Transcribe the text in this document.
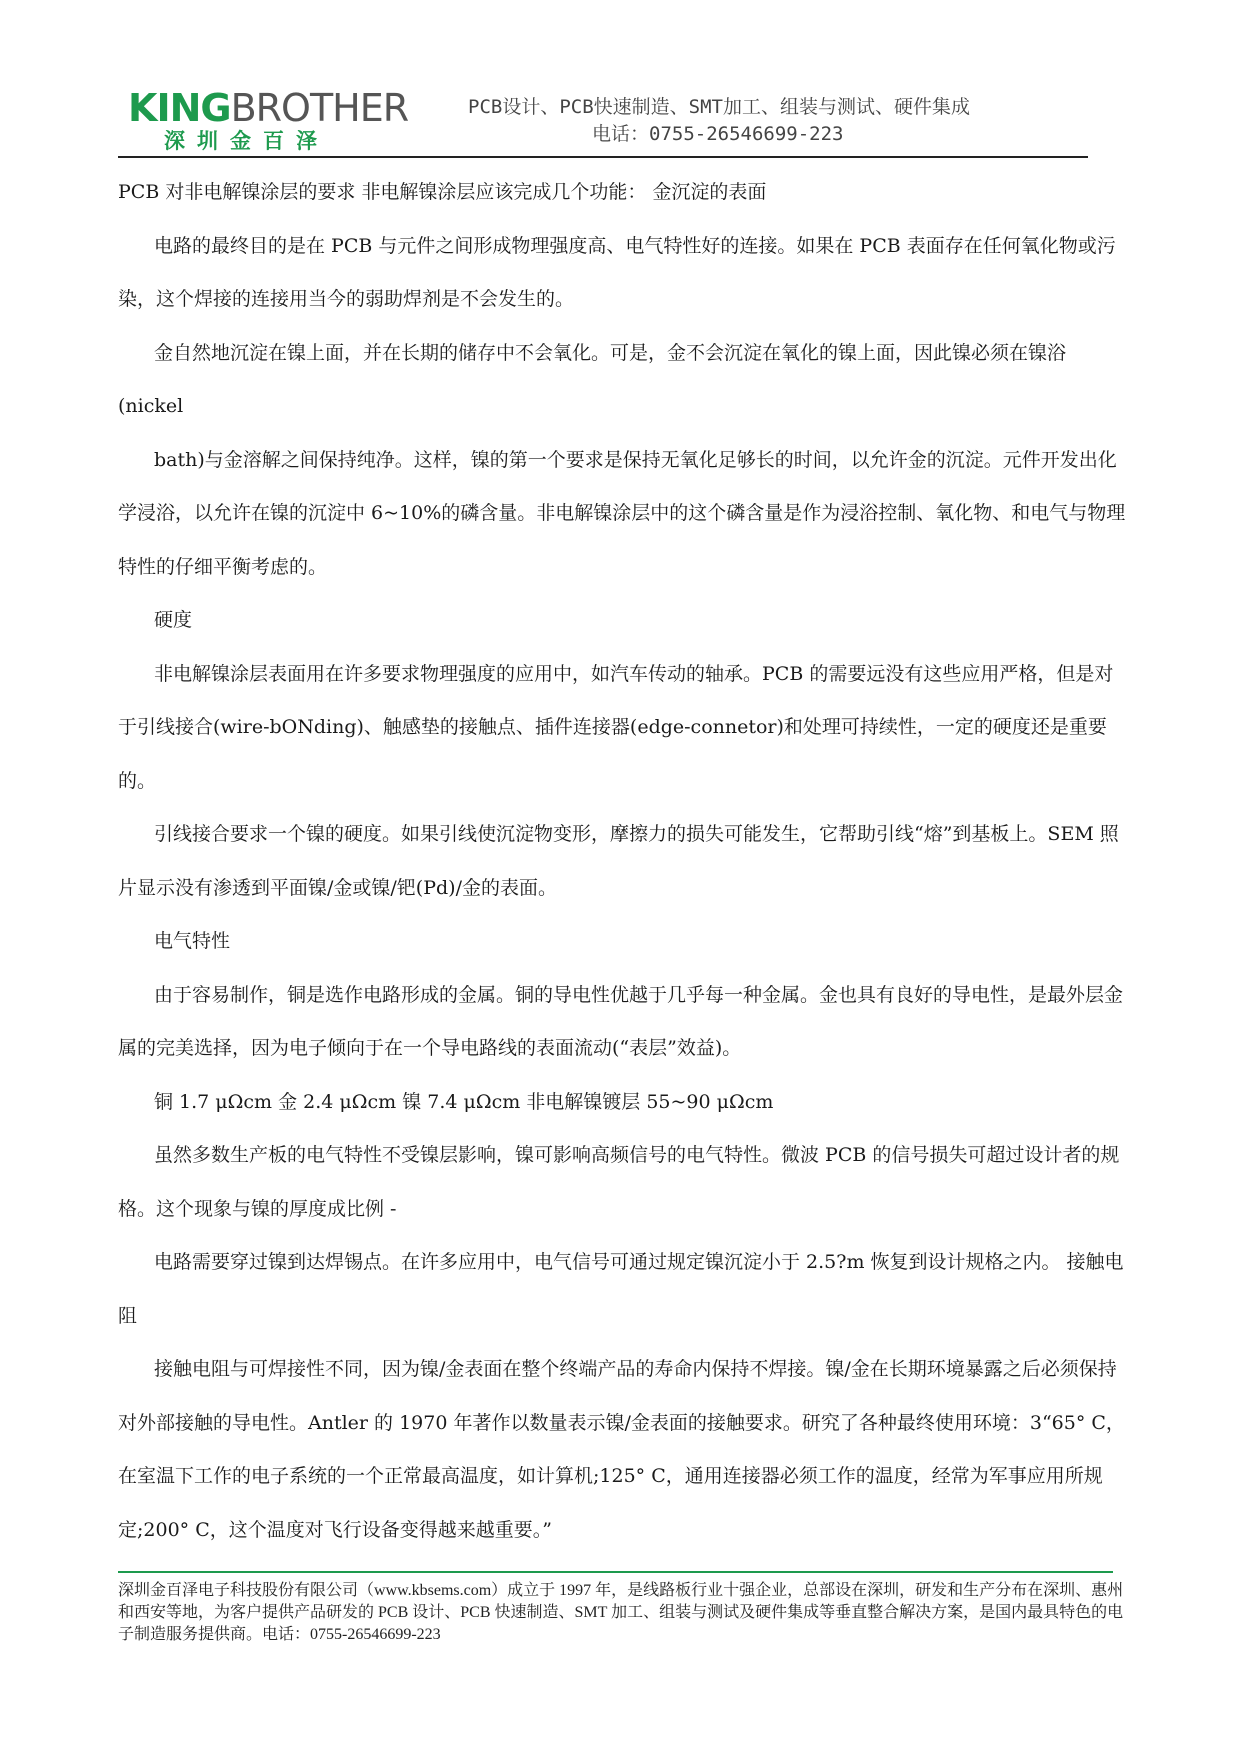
KINGBROTHER
深圳金百泽
PCB设计、PCB快速制造、SMT加工、组装与测试、硬件集成
电话：0755-26546699-223

PCB 对非电解镍涂层的要求 非电解镍涂层应该完成几个功能： 金沉淀的表面

电路的最终目的是在 PCB 与元件之间形成物理强度高、电气特性好的连接。如果在 PCB 表面存在任何氧化物或污染，这个焊接的连接用当今的弱助焊剂是不会发生的。

金自然地沉淀在镍上面，并在长期的储存中不会氧化。可是，金不会沉淀在氧化的镍上面，因此镍必须在镍浴(nickel

bath)与金溶解之间保持纯净。这样，镍的第一个要求是保持无氧化足够长的时间，以允许金的沉淀。元件开发出化学浸浴，以允许在镍的沉淀中 6~10%的磷含量。非电解镍涂层中的这个磷含量是作为浸浴控制、氧化物、和电气与物理特性的仔细平衡考虑的。

硬度

非电解镍涂层表面用在许多要求物理强度的应用中，如汽车传动的轴承。PCB 的需要远没有这些应用严格，但是对于引线接合(wire-bONding)、触感垫的接触点、插件连接器(edge-connetor)和处理可持续性，一定的硬度还是重要的。

引线接合要求一个镍的硬度。如果引线使沉淀物变形，摩擦力的损失可能发生，它帮助引线“熔”到基板上。SEM 照片显示没有渗透到平面镍/金或镍/钯(Pd)/金的表面。

电气特性

由于容易制作，铜是选作电路形成的金属。铜的导电性优越于几乎每一种金属。金也具有良好的导电性，是最外层金属的完美选择，因为电子倾向于在一个导电路线的表面流动(“表层”效益)。

铜 1.7 μΩcm 金 2.4 μΩcm 镍 7.4 μΩcm 非电解镍镀层 55~90 μΩcm

虽然多数生产板的电气特性不受镍层影响，镍可影响高频信号的电气特性。微波 PCB 的信号损失可超过设计者的规格。这个现象与镍的厚度成比例 -

电路需要穿过镍到达焊锡点。在许多应用中，电气信号可通过规定镍沉淀小于 2.5?m 恢复到设计规格之内。 接触电阻

接触电阻与可焊接性不同，因为镍/金表面在整个终端产品的寿命内保持不焊接。镍/金在长期环境暴露之后必须保持对外部接触的导电性。Antler 的 1970 年著作以数量表示镍/金表面的接触要求。研究了各种最终使用环境：3“65° C，在室温下工作的电子系统的一个正常最高温度，如计算机;125° C，通用连接器必须工作的温度，经常为军事应用所规定;200° C，这个温度对飞行设备变得越来越重要。”

深圳金百泽电子科技股份有限公司（www.kbsems.com）成立于 1997 年，是线路板行业十强企业，总部设在深圳，研发和生产分布在深圳、惠州和西安等地，为客户提供产品研发的 PCB 设计、PCB 快速制造、SMT 加工、组装与测试及硬件集成等垂直整合解决方案，是国内最具特色的电子制造服务提供商。电话：0755-26546699-223
